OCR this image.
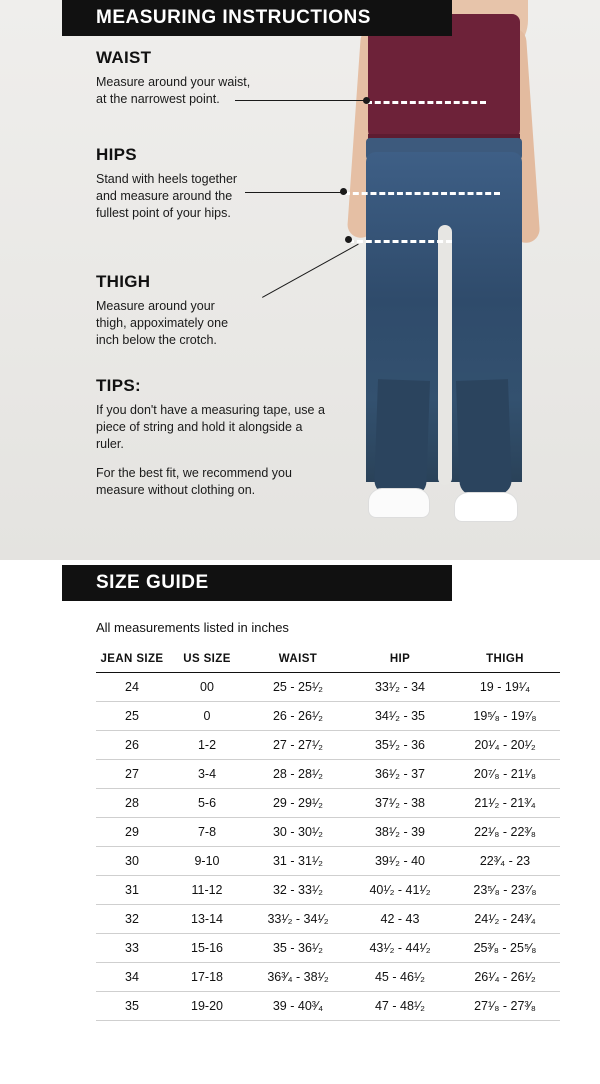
MEASURING INSTRUCTIONS
WAIST

Measure around your waist,

at the narrowest point.

HIPS

Stand with heels together

and measure around the

fullest point of your hips.

THIGH

Measure around your

thigh, appoximately one

inch below the crotch.

TIPS:

If you don't have a measuring tape, use a piece of string and hold it alongside a ruler.

For the best fit, we recommend you measure without clothing on.

SIZE GUIDE
All measurements listed in inches
JEAN SIZE	US SIZE	WAIST	HIP	THIGH
24	00	25 - 25¹⁄₂	33¹⁄₂ - 34	19 - 19¹⁄₄
25	0	26 - 26¹⁄₂	34¹⁄₂ - 35	19⁵⁄₈ - 19⁷⁄₈
26	1-2	27 - 27¹⁄₂	35¹⁄₂ - 36	20¹⁄₄ - 20¹⁄₂
27	3-4	28 - 28¹⁄₂	36¹⁄₂ - 37	20⁷⁄₈ - 21¹⁄₈
28	5-6	29 - 29¹⁄₂	37¹⁄₂ - 38	21¹⁄₂ - 21³⁄₄
29	7-8	30 - 30¹⁄₂	38¹⁄₂ - 39	22¹⁄₈ - 22³⁄₈
30	9-10	31 - 31¹⁄₂	39¹⁄₂ - 40	22³⁄₄ - 23
31	11-12	32 - 33¹⁄₂	40¹⁄₂ - 41¹⁄₂	23⁵⁄₈ - 23⁷⁄₈
32	13-14	33¹⁄₂ - 34¹⁄₂	42 - 43	24¹⁄₂ - 24³⁄₄
33	15-16	35 - 36¹⁄₂	43¹⁄₂ - 44¹⁄₂	25³⁄₈ - 25⁵⁄₈
34	17-18	36³⁄₄ - 38¹⁄₂	45 - 46¹⁄₂	26¹⁄₄ - 26¹⁄₂
35	19-20	39 - 40³⁄₄	47 - 48¹⁄₂	27¹⁄₈ - 27³⁄₈
